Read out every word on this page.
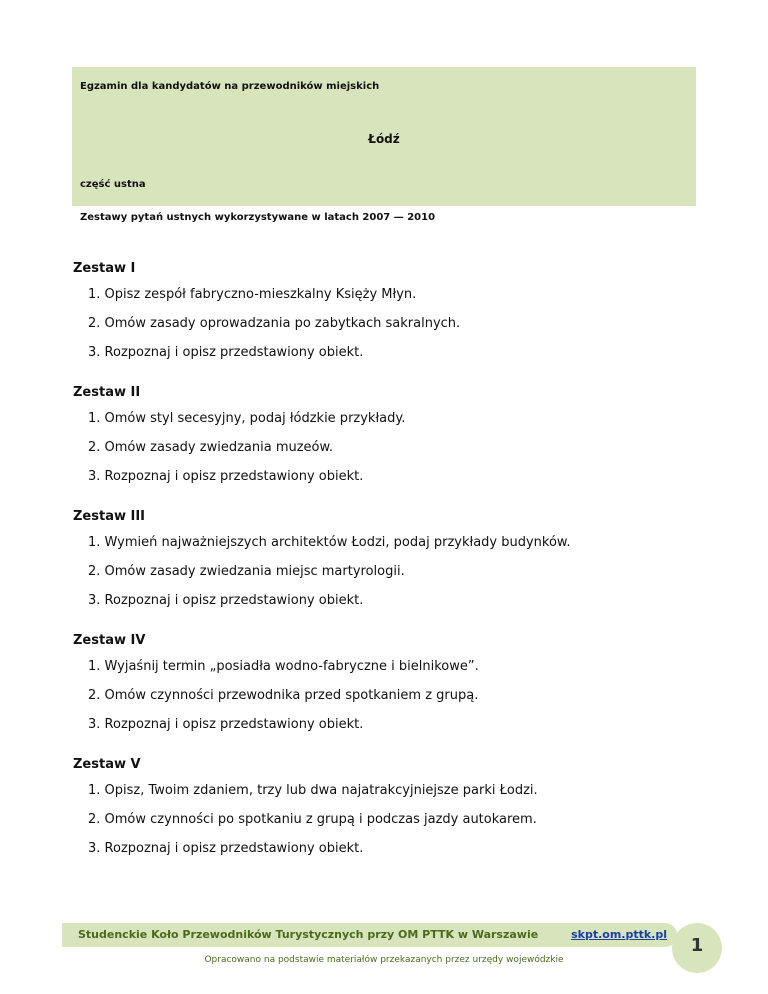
Egzamin dla kandydatów na przewodników miejskich
Łódź
część ustna
Zestawy pytań ustnych wykorzystywane w latach 2007 — 2010
Zestaw I
1. Opisz zespół fabryczno-mieszkalny Księży Młyn.
2. Omów zasady oprowadzania po zabytkach sakralnych.
3. Rozpoznaj i opisz przedstawiony obiekt.
Zestaw II
1. Omów styl secesyjny, podaj łódzkie przykłady.
2. Omów zasady zwiedzania muzeów.
3. Rozpoznaj i opisz przedstawiony obiekt.
Zestaw III
1. Wymień najważniejszych architektów Łodzi, podaj przykłady budynków.
2. Omów zasady zwiedzania miejsc martyrologii.
3. Rozpoznaj i opisz przedstawiony obiekt.
Zestaw IV
1. Wyjaśnij termin „posiadła wodno-fabryczne i bielnikowe”.
2. Omów czynności przewodnika przed spotkaniem z grupą.
3. Rozpoznaj i opisz przedstawiony obiekt.
Zestaw V
1. Opisz, Twoim zdaniem, trzy lub dwa najatrakcyjniejsze parki Łodzi.
2. Omów czynności po spotkaniu z grupą i podczas jazdy autokarem.
3. Rozpoznaj i opisz przedstawiony obiekt.
Studenckie Koło Przewodników Turystycznych przy OM PTTK w Warszawie	skpt.om.pttk.pl
1
Opracowano na podstawie materiałów przekazanych przez urzędy wojewódzkie
